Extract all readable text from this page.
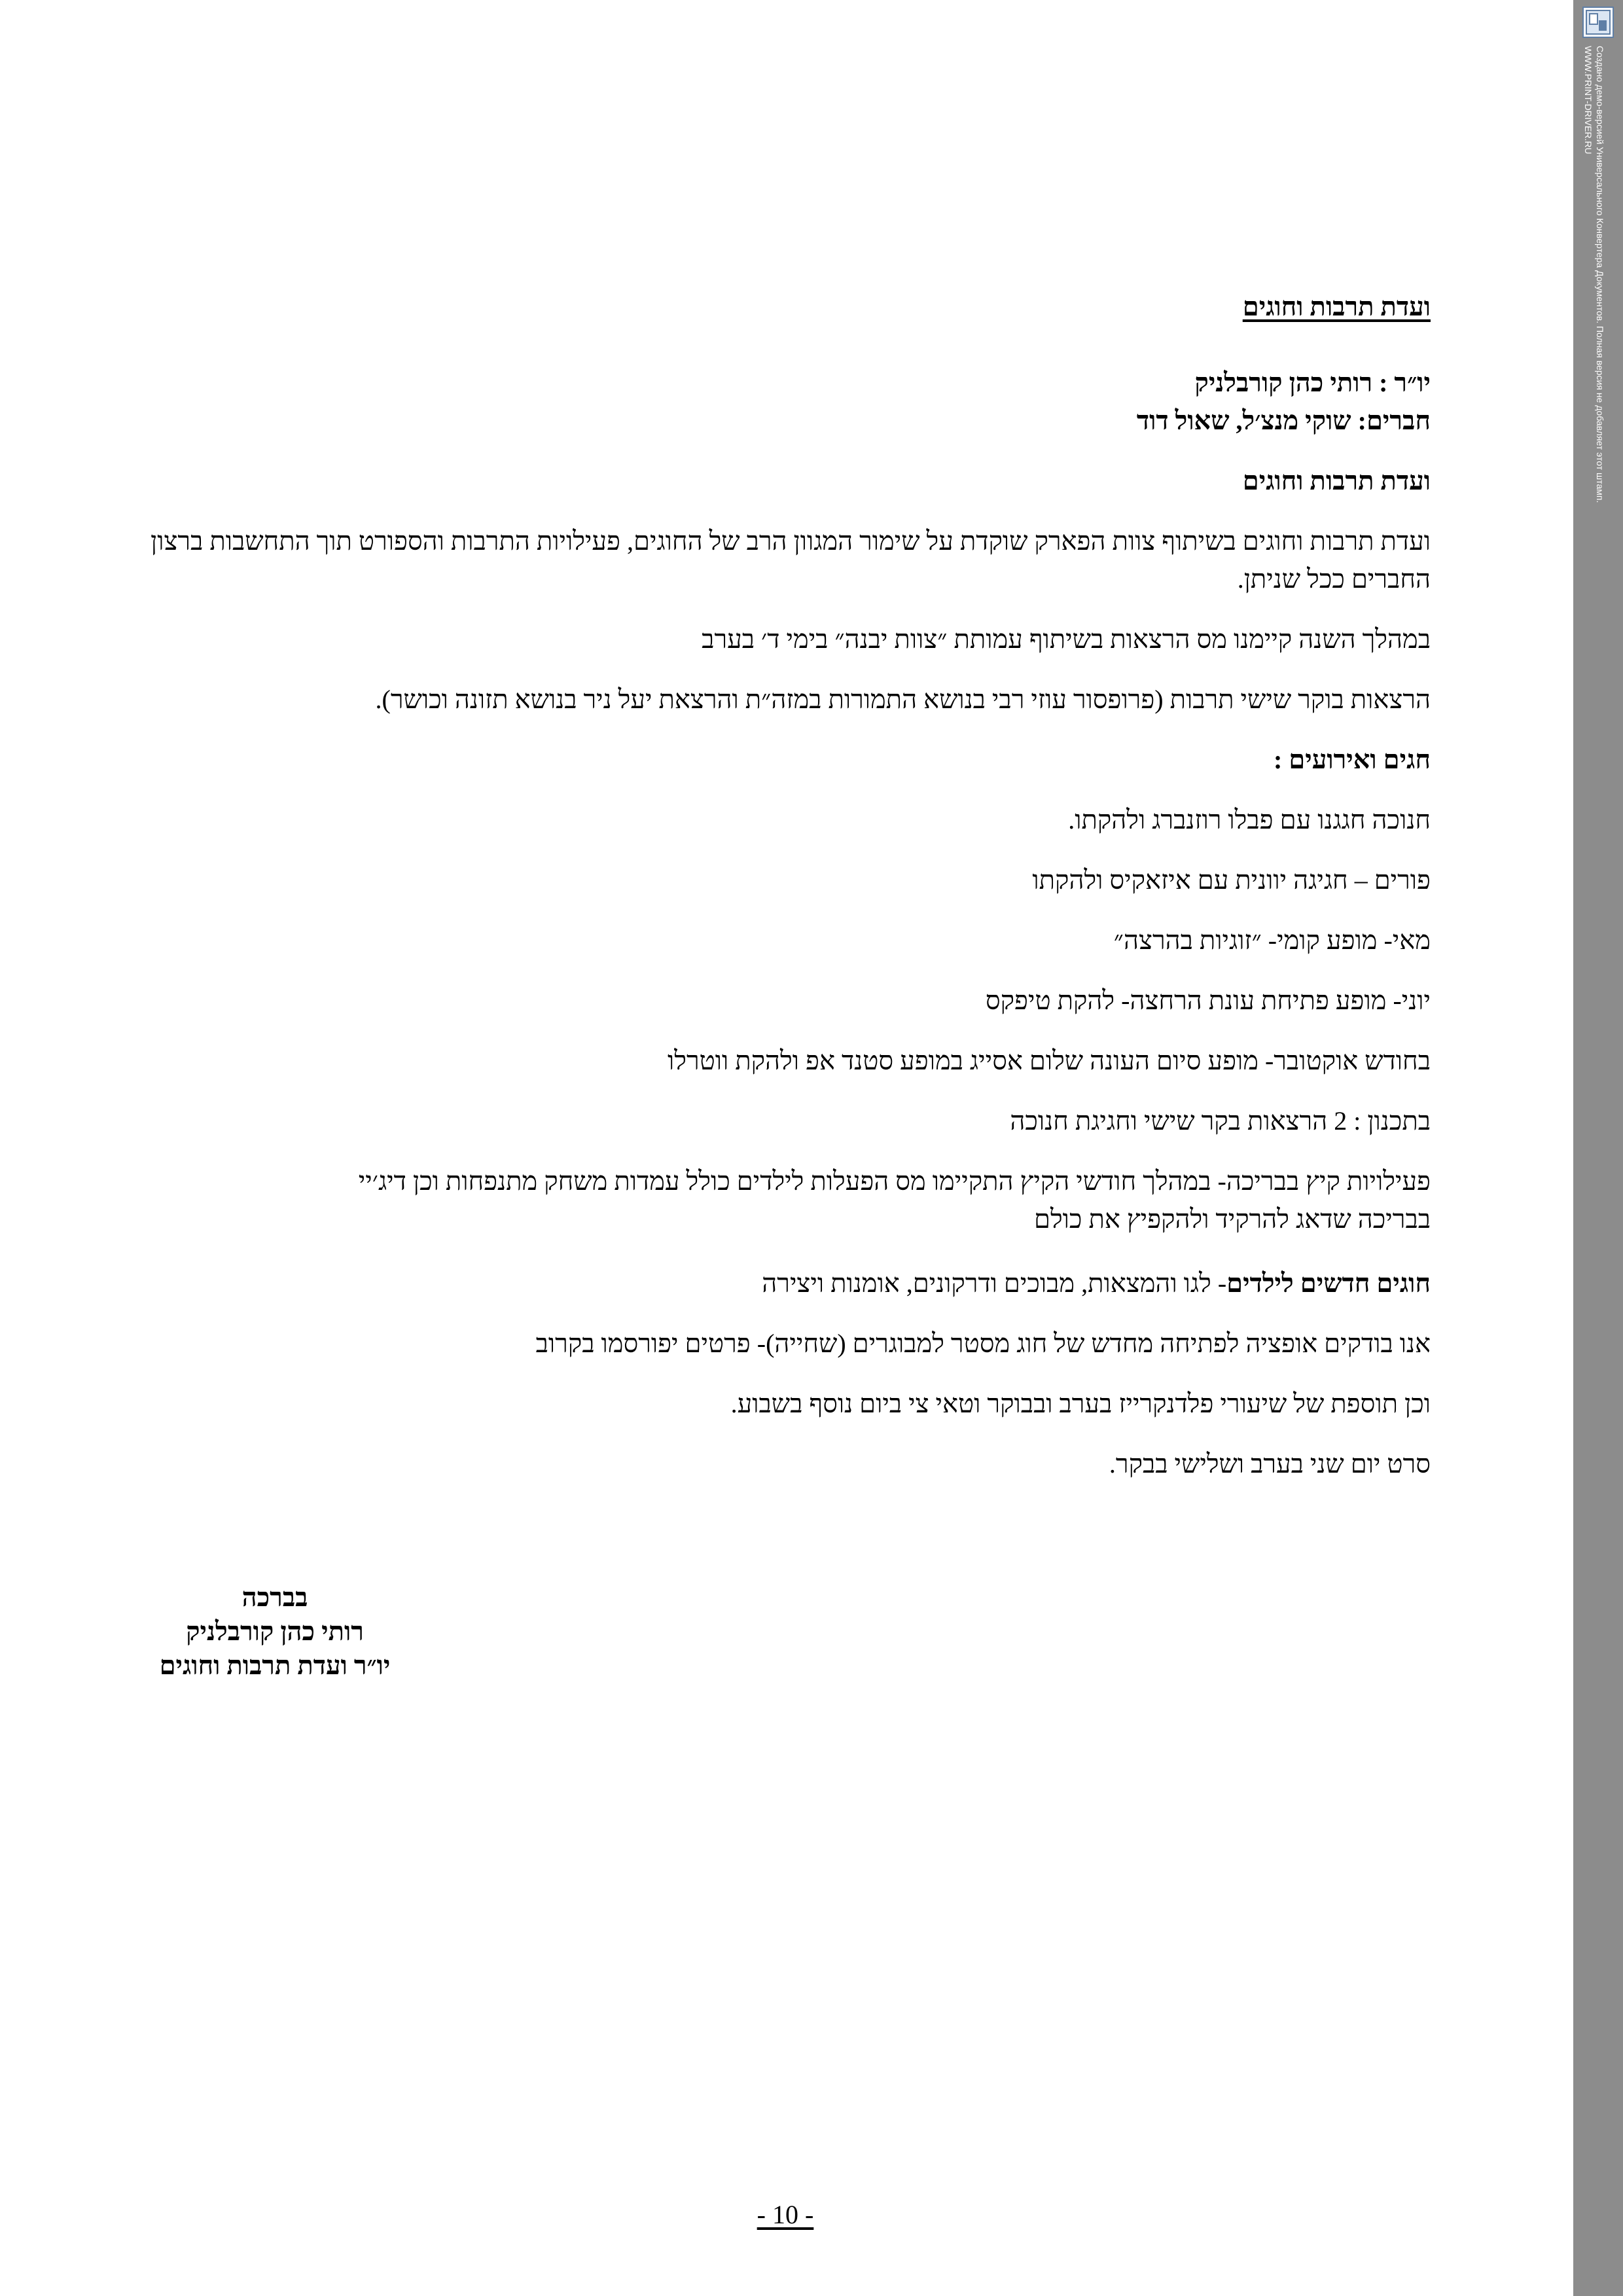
ועדת תרבות וחוגים

יו״ר : רותי כהן קורבלניק

חברים: שוקי מנצ׳ל, שאול דוד

ועדת תרבות וחוגים

ועדת תרבות וחוגים בשיתוף צוות הפארק שוקדת על שימור המגוון הרב של החוגים, פעילויות התרבות והספורט תוך התחשבות ברצון החברים ככל שניתן.

במהלך השנה קיימנו מס הרצאות בשיתוף עמותת ״צוות יבנה״ בימי ד׳ בערב

הרצאות בוקר שישי תרבות (פרופסור עוזי רבי בנושא התמורות במזה״ת והרצאת יעל ניר בנושא תזונה וכושר).

חגים ואירועים :

חנוכה חגגנו עם פבלו רוזנברג ולהקתו.

פורים – חגיגה יוונית עם איזאקיס ולהקתו

מאי- מופע קומי- ״זוגיות בהרצה״

יוני- מופע פתיחת עונת הרחצה- להקת טיפקס

בחודש אוקטובר- מופע סיום העונה שלום אסייג במופע סטנד אפ ולהקת ווטרלו

בתכנון : 2 הרצאות בקר שישי וחגיגת חנוכה

פעילויות קיץ בבריכה- במהלך חודשי הקיץ התקיימו מס הפעלות לילדים כולל עמדות משחק מתנפחות וכן דיג׳יי

בבריכה שדאג להרקיד ולהקפיץ את כולם

חוגים חדשים לילדים- לגו והמצאות, מבוכים ודרקונים, אומנות ויצירה

אנו בודקים אופציה לפתיחה מחדש של חוג מסטר למבוגרים (שחייה)- פרטים יפורסמו בקרוב

וכן תוספת של שיעורי פלדנקרייז בערב ובבוקר וטאי צי ביום נוסף בשבוע.

סרט יום שני בערב ושלישי בבקר.

בברכה

רותי כהן קורבלניק

יו״ר ועדת תרבות וחוגים

- 10 -
Создано демо-версией Универсального Конвертера Документов. Полная версия не добавляет этот штамп.
WWW.PRINT-DRIVER.RU
